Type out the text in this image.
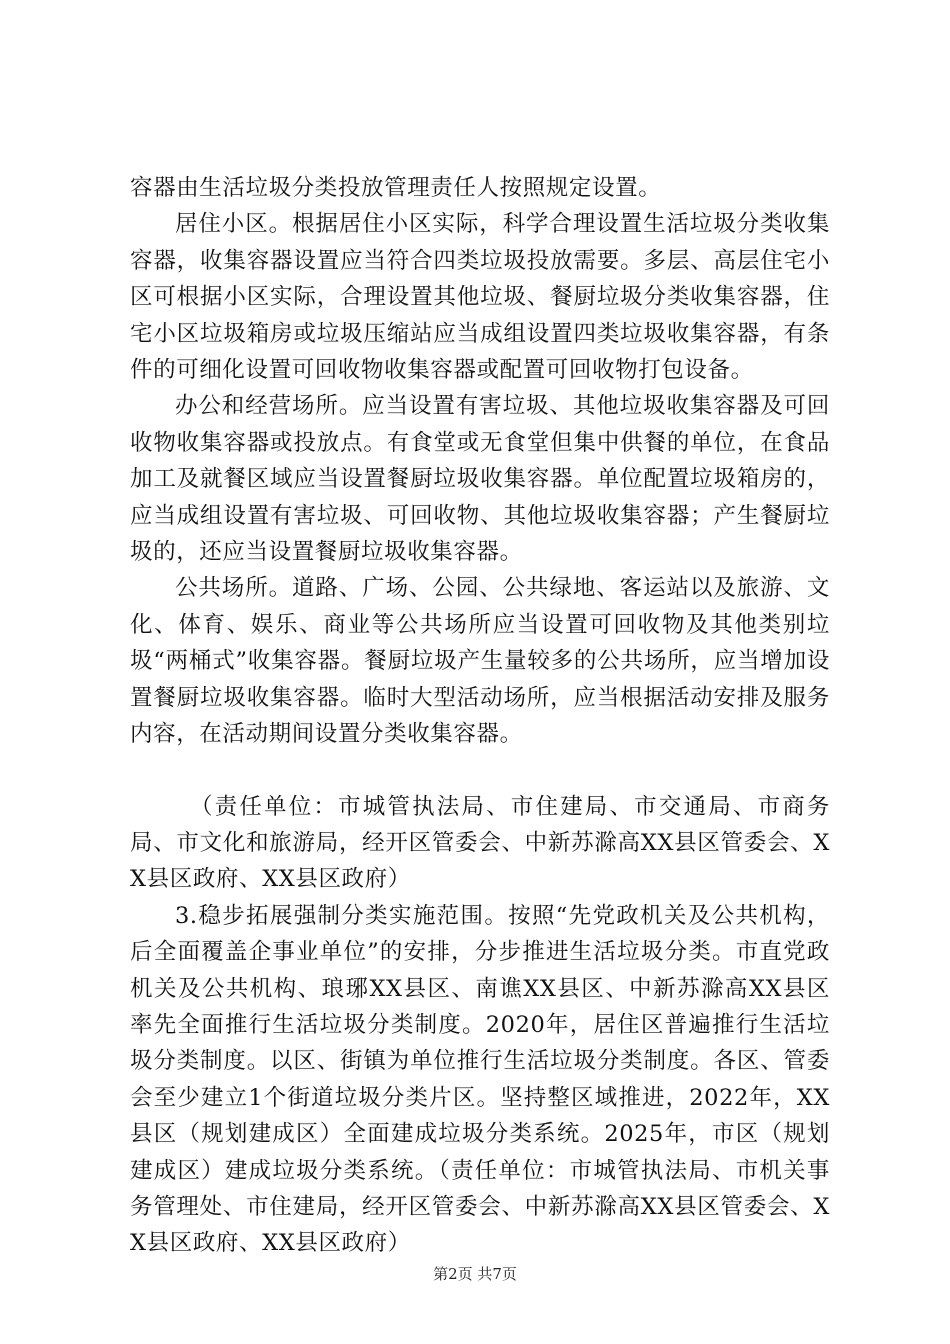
容器由生活垃圾分类投放管理责任人按照规定设置。

居住小区。根据居住小区实际，科学合理设置生活垃圾分类收集容器，收集容器设置应当符合四类垃圾投放需要。多层、高层住宅小区可根据小区实际，合理设置其他垃圾、餐厨垃圾分类收集容器，住宅小区垃圾箱房或垃圾压缩站应当成组设置四类垃圾收集容器，有条件的可细化设置可回收物收集容器或配置可回收物打包设备。

办公和经营场所。应当设置有害垃圾、其他垃圾收集容器及可回收物收集容器或投放点。有食堂或无食堂但集中供餐的单位，在食品加工及就餐区域应当设置餐厨垃圾收集容器。单位配置垃圾箱房的，应当成组设置有害垃圾、可回收物、其他垃圾收集容器；产生餐厨垃圾的，还应当设置餐厨垃圾收集容器。

公共场所。道路、广场、公园、公共绿地、客运站以及旅游、文化、体育、娱乐、商业等公共场所应当设置可回收物及其他类别垃圾“两桶式”收集容器。餐厨垃圾产生量较多的公共场所，应当增加设置餐厨垃圾收集容器。临时大型活动场所，应当根据活动安排及服务内容，在活动期间设置分类收集容器。

（责任单位：市城管执法局、市住建局、市交通局、市商务局、市文化和旅游局，经开区管委会、中新苏滁高XX县区管委会、XX县区政府、XX县区政府）

3.稳步拓展强制分类实施范围。按照“先党政机关及公共机构，后全面覆盖企事业单位”的安排，分步推进生活垃圾分类。市直党政机关及公共机构、琅琊XX县区、南谯XX县区、中新苏滁高XX县区率先全面推行生活垃圾分类制度。2020年，居住区普遍推行生活垃圾分类制度。以区、街镇为单位推行生活垃圾分类制度。各区、管委会至少建立1个街道垃圾分类片区。坚持整区域推进，2022年，XX县区（规划建成区）全面建成垃圾分类系统。2025年，市区（规划建成区）建成垃圾分类系统。（责任单位：市城管执法局、市机关事务管理处、市住建局，经开区管委会、中新苏滁高XX县区管委会、XX县区政府、XX县区政府）

第2页 共7页
